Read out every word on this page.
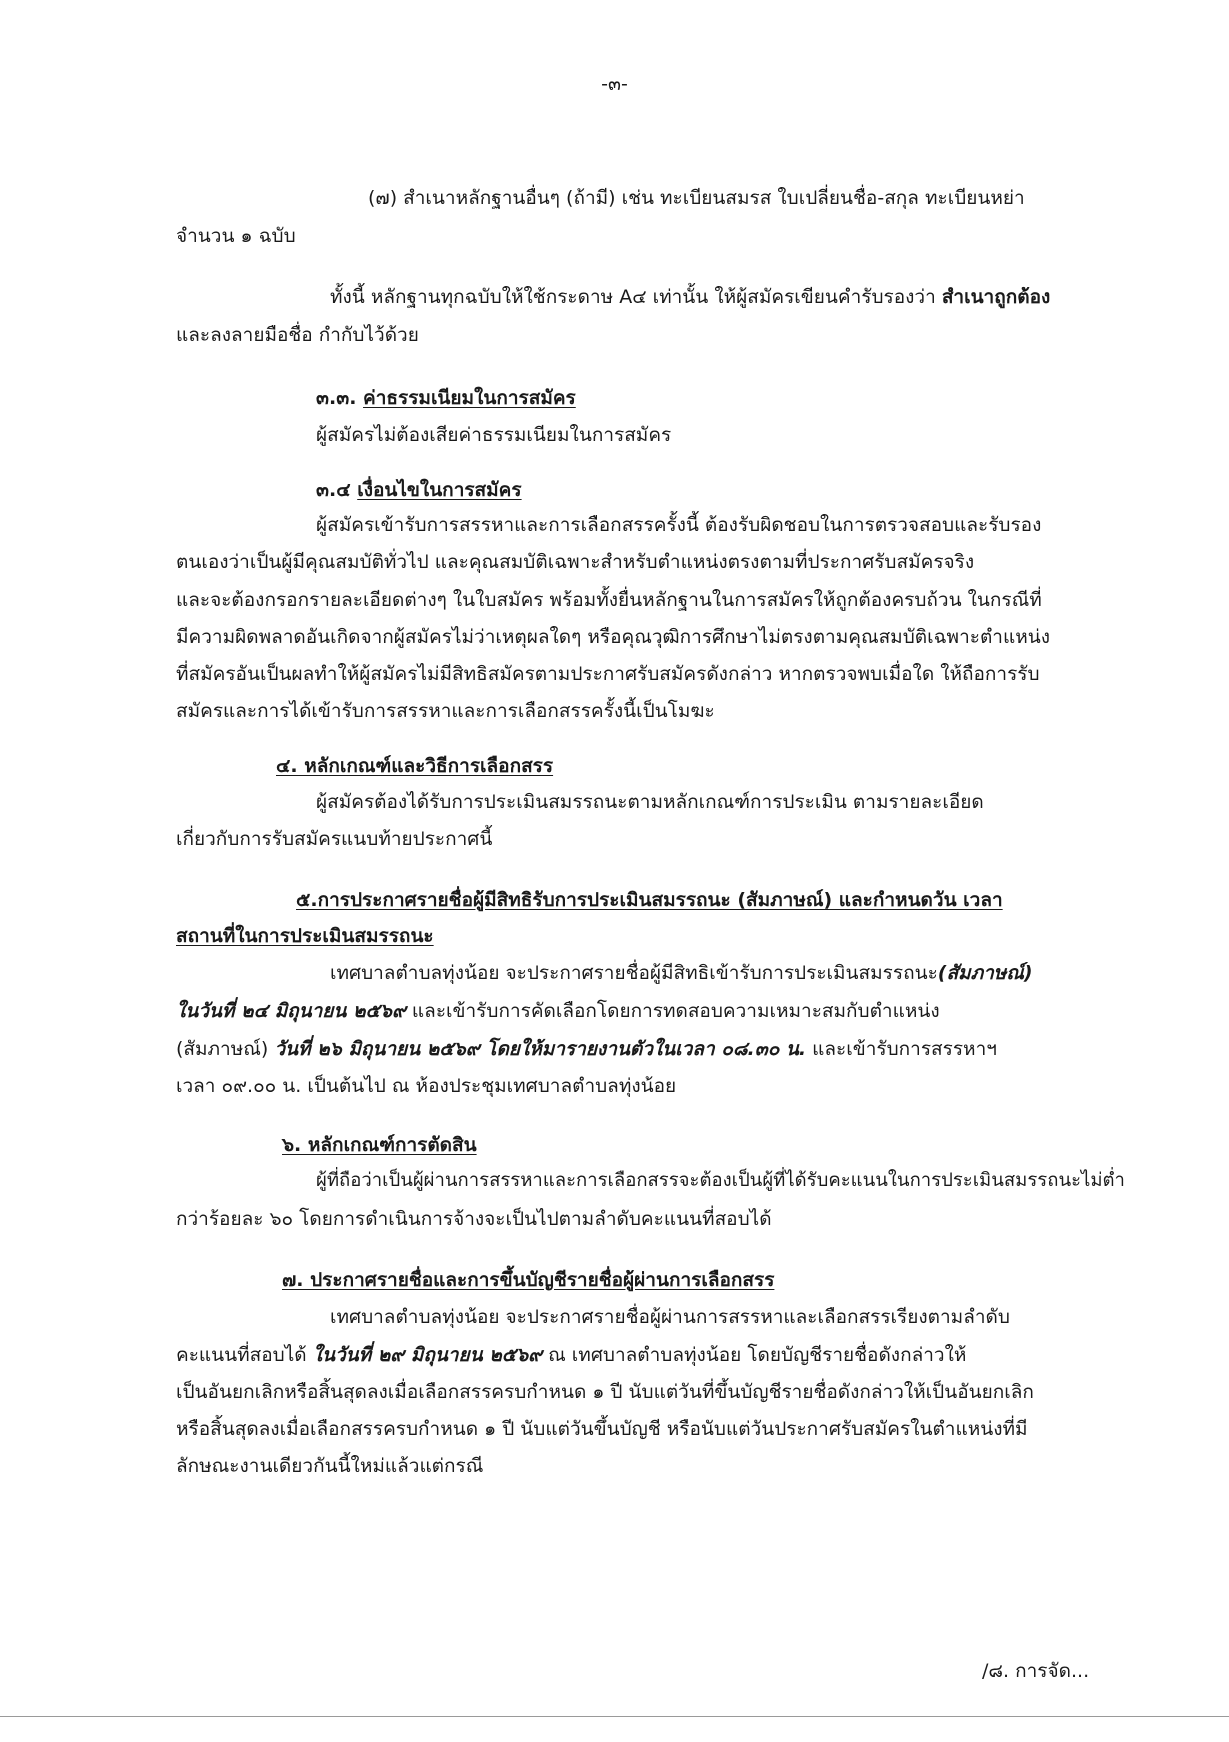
-๓-
(๗) สำเนาหลักฐานอื่นๆ (ถ้ามี) เช่น ทะเบียนสมรส ใบเปลี่ยนชื่อ-สกุล ทะเบียนหย่า
จำนวน ๑ ฉบับ
ทั้งนี้ หลักฐานทุกฉบับให้ใช้กระดาษ A๔ เท่านั้น ให้ผู้สมัครเขียนคำรับรองว่า สำเนาถูกต้อง
และลงลายมือชื่อ กำกับไว้ด้วย
๓.๓. ค่าธรรมเนียมในการสมัคร
ผู้สมัครไม่ต้องเสียค่าธรรมเนียมในการสมัคร
๓.๔ เงื่อนไขในการสมัคร
ผู้สมัครเข้ารับการสรรหาและการเลือกสรรครั้งนี้ ต้องรับผิดชอบในการตรวจสอบและรับรอง
ตนเองว่าเป็นผู้มีคุณสมบัติทั่วไป และคุณสมบัติเฉพาะสำหรับตำแหน่งตรงตามที่ประกาศรับสมัครจริง
และจะต้องกรอกรายละเอียดต่างๆ ในใบสมัคร พร้อมทั้งยื่นหลักฐานในการสมัครให้ถูกต้องครบถ้วน ในกรณีที่
มีความผิดพลาดอันเกิดจากผู้สมัครไม่ว่าเหตุผลใดๆ หรือคุณวุฒิการศึกษาไม่ตรงตามคุณสมบัติเฉพาะตำแหน่ง
ที่สมัครอันเป็นผลทำให้ผู้สมัครไม่มีสิทธิสมัครตามประกาศรับสมัครดังกล่าว หากตรวจพบเมื่อใด ให้ถือการรับ
สมัครและการได้เข้ารับการสรรหาและการเลือกสรรครั้งนี้เป็นโมฆะ
๔. หลักเกณฑ์และวิธีการเลือกสรร
ผู้สมัครต้องได้รับการประเมินสมรรถนะตามหลักเกณฑ์การประเมิน ตามรายละเอียด
เกี่ยวกับการรับสมัครแนบท้ายประกาศนี้
๕.การประกาศรายชื่อผู้มีสิทธิรับการประเมินสมรรถนะ (สัมภาษณ์) และกำหนดวัน เวลา
สถานที่ในการประเมินสมรรถนะ
เทศบาลตำบลทุ่งน้อย จะประกาศรายชื่อผู้มีสิทธิเข้ารับการประเมินสมรรถนะ(สัมภาษณ์)
ในวันที่ ๒๔ มิถุนายน ๒๕๖๙ และเข้ารับการคัดเลือกโดยการทดสอบความเหมาะสมกับตำแหน่ง
(สัมภาษณ์) วันที่ ๒๖ มิถุนายน ๒๕๖๙ โดยให้มารายงานตัวในเวลา ๐๘.๓๐ น. และเข้ารับการสรรหาฯ
เวลา ๐๙.๐๐ น. เป็นต้นไป ณ ห้องประชุมเทศบาลตำบลทุ่งน้อย
๖. หลักเกณฑ์การตัดสิน
ผู้ที่ถือว่าเป็นผู้ผ่านการสรรหาและการเลือกสรรจะต้องเป็นผู้ที่ได้รับคะแนนในการประเมินสมรรถนะไม่ต่ำ
กว่าร้อยละ ๖๐ โดยการดำเนินการจ้างจะเป็นไปตามลำดับคะแนนที่สอบได้
๗. ประกาศรายชื่อและการขึ้นบัญชีรายชื่อผู้ผ่านการเลือกสรร
เทศบาลตำบลทุ่งน้อย จะประกาศรายชื่อผู้ผ่านการสรรหาและเลือกสรรเรียงตามลำดับ
คะแนนที่สอบได้ ในวันที่ ๒๙ มิถุนายน ๒๕๖๙ ณ เทศบาลตำบลทุ่งน้อย โดยบัญชีรายชื่อดังกล่าวให้
เป็นอันยกเลิกหรือสิ้นสุดลงเมื่อเลือกสรรครบกำหนด ๑ ปี นับแต่วันที่ขึ้นบัญชีรายชื่อดังกล่าวให้เป็นอันยกเลิก
หรือสิ้นสุดลงเมื่อเลือกสรรครบกำหนด ๑ ปี นับแต่วันขึ้นบัญชี หรือนับแต่วันประกาศรับสมัครในตำแหน่งที่มี
ลักษณะงานเดียวกันนี้ใหม่แล้วแต่กรณี
/๘. การจัด...
